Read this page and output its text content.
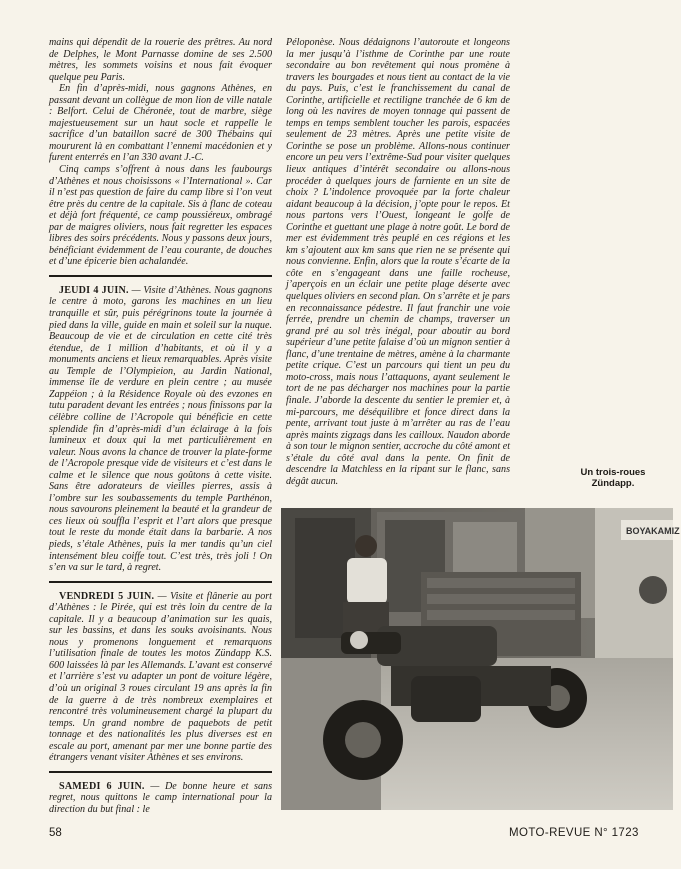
mains qui dépendit de la rouerie des prêtres. Au nord de Delphes, le Mont Parnasse domine de ses 2.500 mètres, les sommets voisins et nous fait évoquer quelque peu Paris.

En fin d’après-midi, nous gagnons Athènes, en passant devant un collègue de mon lion de ville natale : Belfort. Celui de Chéronée, tout de marbre, siège majestueusement sur un haut socle et rappelle le sacrifice d’un bataillon sacré de 300 Thébains qui moururent là en combattant l’ennemi macédonien et y furent enterrés en l’an 330 avant J.-C.

Cinq camps s’offrent à nous dans les faubourgs d’Athènes et nous choisissons « l’International ». Car il n’est pas question de faire du camp libre si l’on veut être près du centre de la capitale. Sis à flanc de coteau et déjà fort fréquenté, ce camp poussiéreux, ombragé par de maigres oliviers, nous fait regretter les espaces libres des soirs précédents. Nous y passons deux jours, bénéficiant évidemment de l’eau courante, de douches et d’une épicerie bien achalandée.

JEUDI 4 JUIN. — Visite d’Athènes. Nous gagnons le centre à moto, garons les machines en un lieu tranquille et sûr, puis pérégrinons toute la journée à pied dans la ville, guide en main et soleil sur la nuque. Beaucoup de vie et de circulation en cette cité très étendue, de 1 million d’habitants, et où il y a monuments anciens et lieux remarquables. Après visite au Temple de l’Olympieion, au Jardin National, immense île de verdure en plein centre ; au musée Zappéion ; à la Résidence Royale où des evzones en tutu paradent devant les entrées ; nous finissons par la célèbre colline de l’Acropole qui bénéficie en cette splendide fin d’après-midi d’un éclairage à la fois lumineux et doux qui la met particulièrement en valeur. Nous avons la chance de trouver la plate-forme de l’Acropole presque vide de visiteurs et c’est dans le calme et le silence que nous goûtons à cette visite. Sans être adorateurs de vieilles pierres, assis à l’ombre sur les soubassements du temple Parthénon, nous savourons pleinement la beauté et la grandeur de ces lieux où souffla l’esprit et l’art alors que presque tout le reste du monde était dans la barbarie. A nos pieds, s’étale Athènes, puis la mer tandis qu’un ciel intensément bleu coiffe tout. C’est très, très joli ! On s’en va sur le tard, à regret.

VENDREDI 5 JUIN. — Visite et flânerie au port d’Athènes : le Pirée, qui est très loin du centre de la capitale. Il y a beaucoup d’animation sur les quais, sur les bassins, et dans les souks avoisinants. Nous nous y promenons longuement et remarquons l’utilisation finale de toutes les motos Zündapp K.S. 600 laissées là par les Allemands. L’avant est conservé et l’arrière s’est vu adapter un pont de voiture légère, d’où un original 3 roues circulant 19 ans après la fin de la guerre à de très nombreux exemplaires et rencontré très volumineusement chargé la plupart du temps. Un grand nombre de paquebots de petit tonnage et des nationalités les plus diverses est en escale au port, amenant par mer une bonne partie des étrangers venant visiter Athènes et ses environs.

SAMEDI 6 JUIN. — De bonne heure et sans regret, nous quittons le camp international pour la direction du but final : le

Péloponèse. Nous dédaignons l’autoroute et longeons la mer jusqu’à l’isthme de Corinthe par une route secondaire au bon revêtement qui nous promène à travers les bourgades et nous tient au contact de la vie du pays. Puis, c’est le franchissement du canal de Corinthe, artificielle et rectiligne tranchée de 6 km de long où les navires de moyen tonnage qui passent de temps en temps semblent toucher les parois, espacées seulement de 23 mètres. Après une petite visite de Corinthe se pose un problème. Allons-nous continuer encore un peu vers l’extrême-Sud pour visiter quelques lieux antiques d’intérêt secondaire ou allons-nous procéder à quelques jours de farniente en un site de choix ? L’indolence provoquée par la forte chaleur aidant beaucoup à la décision, j’opte pour le repos. Et nous partons vers l’Ouest, longeant le golfe de Corinthe et guettant une plage à notre goût. Le bord de mer est évidemment très peuplé en ces régions et les km s’ajoutent aux km sans que rien ne se présente qui nous convienne. Enfin, alors que la route s’écarte de la côte en s’engageant dans une faille rocheuse, j’aperçois en un éclair une petite plage déserte avec quelques oliviers en second plan. On s’arrête et je pars en reconnaissance pédestre. Il faut franchir une voie ferrée, prendre un chemin de champs, traverser un grand pré au sol très inégal, pour aboutir au bord supérieur d’une petite falaise d’où un mignon sentier à flanc, d’une trentaine de mètres, amène à la charmante petite crique. C’est un parcours qui tient un peu du moto-cross, mais nous l’attaquons, ayant seulement le tort de ne pas décharger nos machines pour la partie finale. J’aborde la descente du sentier le premier et, à mi-parcours, me déséquilibre et fonce direct dans la pente, arrivant tout juste à m’arrêter au ras de l’eau après maints zigzags dans les cailloux. Naudon aborde à son tour le mignon sentier, accroche du côté amont et s’étale du côté aval dans la pente. On finit de descendre la Matchless en la ripant sur le flanc, sans dégât aucun.

Un trois-roues
Zündapp.
BOYAKAMIZ
58	MOTO-REVUE N° 1723
